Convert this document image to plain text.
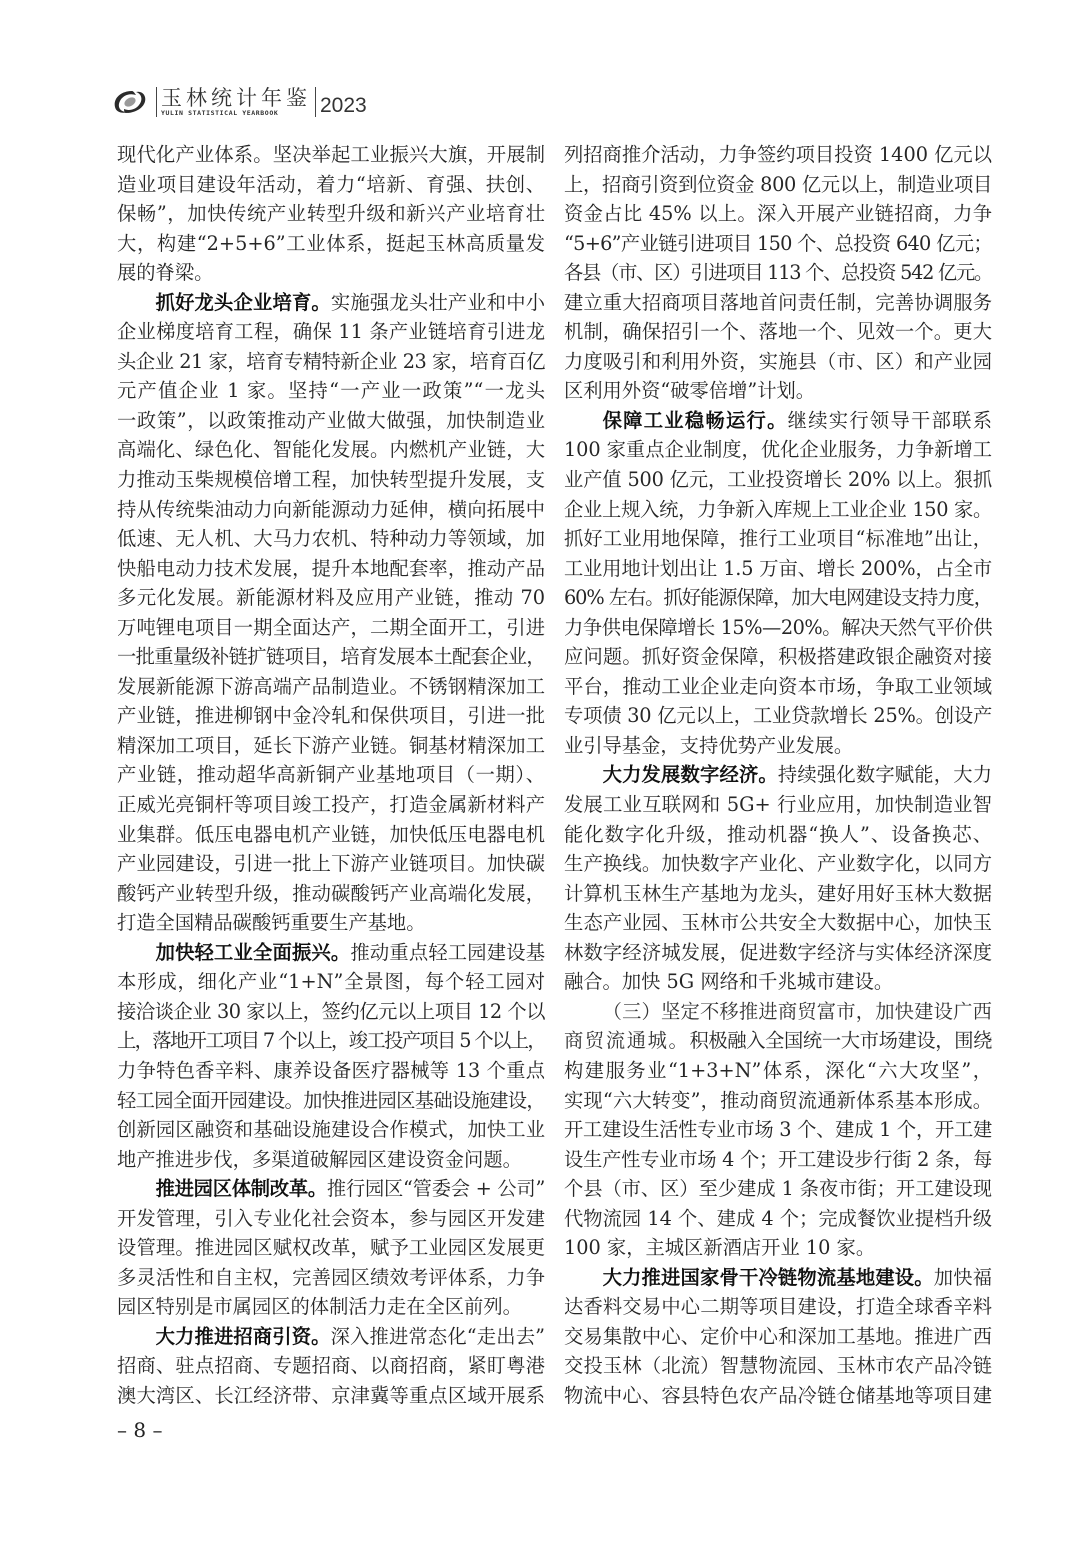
玉林统计年鉴
YULIN STATISTICAL YEARBOOK 2023
现代化产业体系。坚决举起工业振兴大旗，开展制
造业项目建设年活动，着力“培新、育强、扶创、
保畅”，加快传统产业转型升级和新兴产业培育壮
大，构建“2+5+6”工业体系，挺起玉林高质量发
展的脊梁。
抓好龙头企业培育。实施强龙头壮产业和中小
企业梯度培育工程，确保 11 条产业链培育引进龙
头企业 21 家，培育专精特新企业 23 家，培育百亿
元产值企业 1 家。坚持“一产业一政策”“一龙头
一政策”，以政策推动产业做大做强，加快制造业
高端化、绿色化、智能化发展。内燃机产业链，大
力推动玉柴规模倍增工程，加快转型提升发展，支
持从传统柴油动力向新能源动力延伸，横向拓展中
低速、无人机、大马力农机、特种动力等领域，加
快船电动力技术发展，提升本地配套率，推动产品
多元化发展。新能源材料及应用产业链，推动 70
万吨锂电项目一期全面达产，二期全面开工，引进
一批重量级补链扩链项目，培育发展本土配套企业，
发展新能源下游高端产品制造业。不锈钢精深加工
产业链，推进柳钢中金冷轧和保供项目，引进一批
精深加工项目，延长下游产业链。铜基材精深加工
产业链，推动超华高新铜产业基地项目（一期）、
正威光亮铜杆等项目竣工投产，打造金属新材料产
业集群。低压电器电机产业链，加快低压电器电机
产业园建设，引进一批上下游产业链项目。加快碳
酸钙产业转型升级，推动碳酸钙产业高端化发展，
打造全国精品碳酸钙重要生产基地。
加快轻工业全面振兴。推动重点轻工园建设基
本形成，细化产业“1+N”全景图，每个轻工园对
接洽谈企业 30 家以上，签约亿元以上项目 12 个以
上，落地开工项目 7 个以上，竣工投产项目 5 个以上，
力争特色香辛料、康养设备医疗器械等 13 个重点
轻工园全面开园建设。加快推进园区基础设施建设，
创新园区融资和基础设施建设合作模式，加快工业
地产推进步伐，多渠道破解园区建设资金问题。
推进园区体制改革。推行园区“管委会 + 公司”
开发管理，引入专业化社会资本，参与园区开发建
设管理。推进园区赋权改革，赋予工业园区发展更
多灵活性和自主权，完善园区绩效考评体系，力争
园区特别是市属园区的体制活力走在全区前列。
大力推进招商引资。深入推进常态化“走出去”
招商、驻点招商、专题招商、以商招商，紧盯粤港
澳大湾区、长江经济带、京津冀等重点区域开展系
列招商推介活动，力争签约项目投资 1400 亿元以
上，招商引资到位资金 800 亿元以上，制造业项目
资金占比 45% 以上。深入开展产业链招商，力争
“5+6”产业链引进项目 150 个、总投资 640 亿元；
各县（市、区）引进项目 113 个、总投资 542 亿元。
建立重大招商项目落地首问责任制，完善协调服务
机制，确保招引一个、落地一个、见效一个。更大
力度吸引和利用外资，实施县（市、区）和产业园
区利用外资“破零倍增”计划。
保障工业稳畅运行。继续实行领导干部联系
100 家重点企业制度，优化企业服务，力争新增工
业产值 500 亿元，工业投资增长 20% 以上。狠抓
企业上规入统，力争新入库规上工业企业 150 家。
抓好工业用地保障，推行工业项目“标准地”出让，
工业用地计划出让 1.5 万亩、增长 200%，占全市
60% 左右。抓好能源保障，加大电网建设支持力度，
力争供电保障增长 15%—20%。解决天然气平价供
应问题。抓好资金保障，积极搭建政银企融资对接
平台，推动工业企业走向资本市场，争取工业领域
专项债 30 亿元以上，工业贷款增长 25%。创设产
业引导基金，支持优势产业发展。
大力发展数字经济。持续强化数字赋能，大力
发展工业互联网和 5G+ 行业应用，加快制造业智
能化数字化升级，推动机器“换人”、设备换芯、
生产换线。加快数字产业化、产业数字化，以同方
计算机玉林生产基地为龙头，建好用好玉林大数据
生态产业园、玉林市公共安全大数据中心，加快玉
林数字经济城发展，促进数字经济与实体经济深度
融合。加快 5G 网络和千兆城市建设。
（三）坚定不移推进商贸富市，加快建设广西
商贸流通城。积极融入全国统一大市场建设，围绕
构建服务业“1+3+N”体系，深化“六大攻坚”，
实现“六大转变”，推动商贸流通新体系基本形成。
开工建设生活性专业市场 3 个、建成 1 个，开工建
设生产性专业市场 4 个；开工建设步行街 2 条，每
个县（市、区）至少建成 1 条夜市街；开工建设现
代物流园 14 个、建成 4 个；完成餐饮业提档升级
100 家，主城区新酒店开业 10 家。
大力推进国家骨干冷链物流基地建设。加快福
达香料交易中心二期等项目建设，打造全球香辛料
交易集散中心、定价中心和深加工基地。推进广西
交投玉林（北流）智慧物流园、玉林市农产品冷链
物流中心、容县特色农产品冷链仓储基地等项目建
– 8 –
